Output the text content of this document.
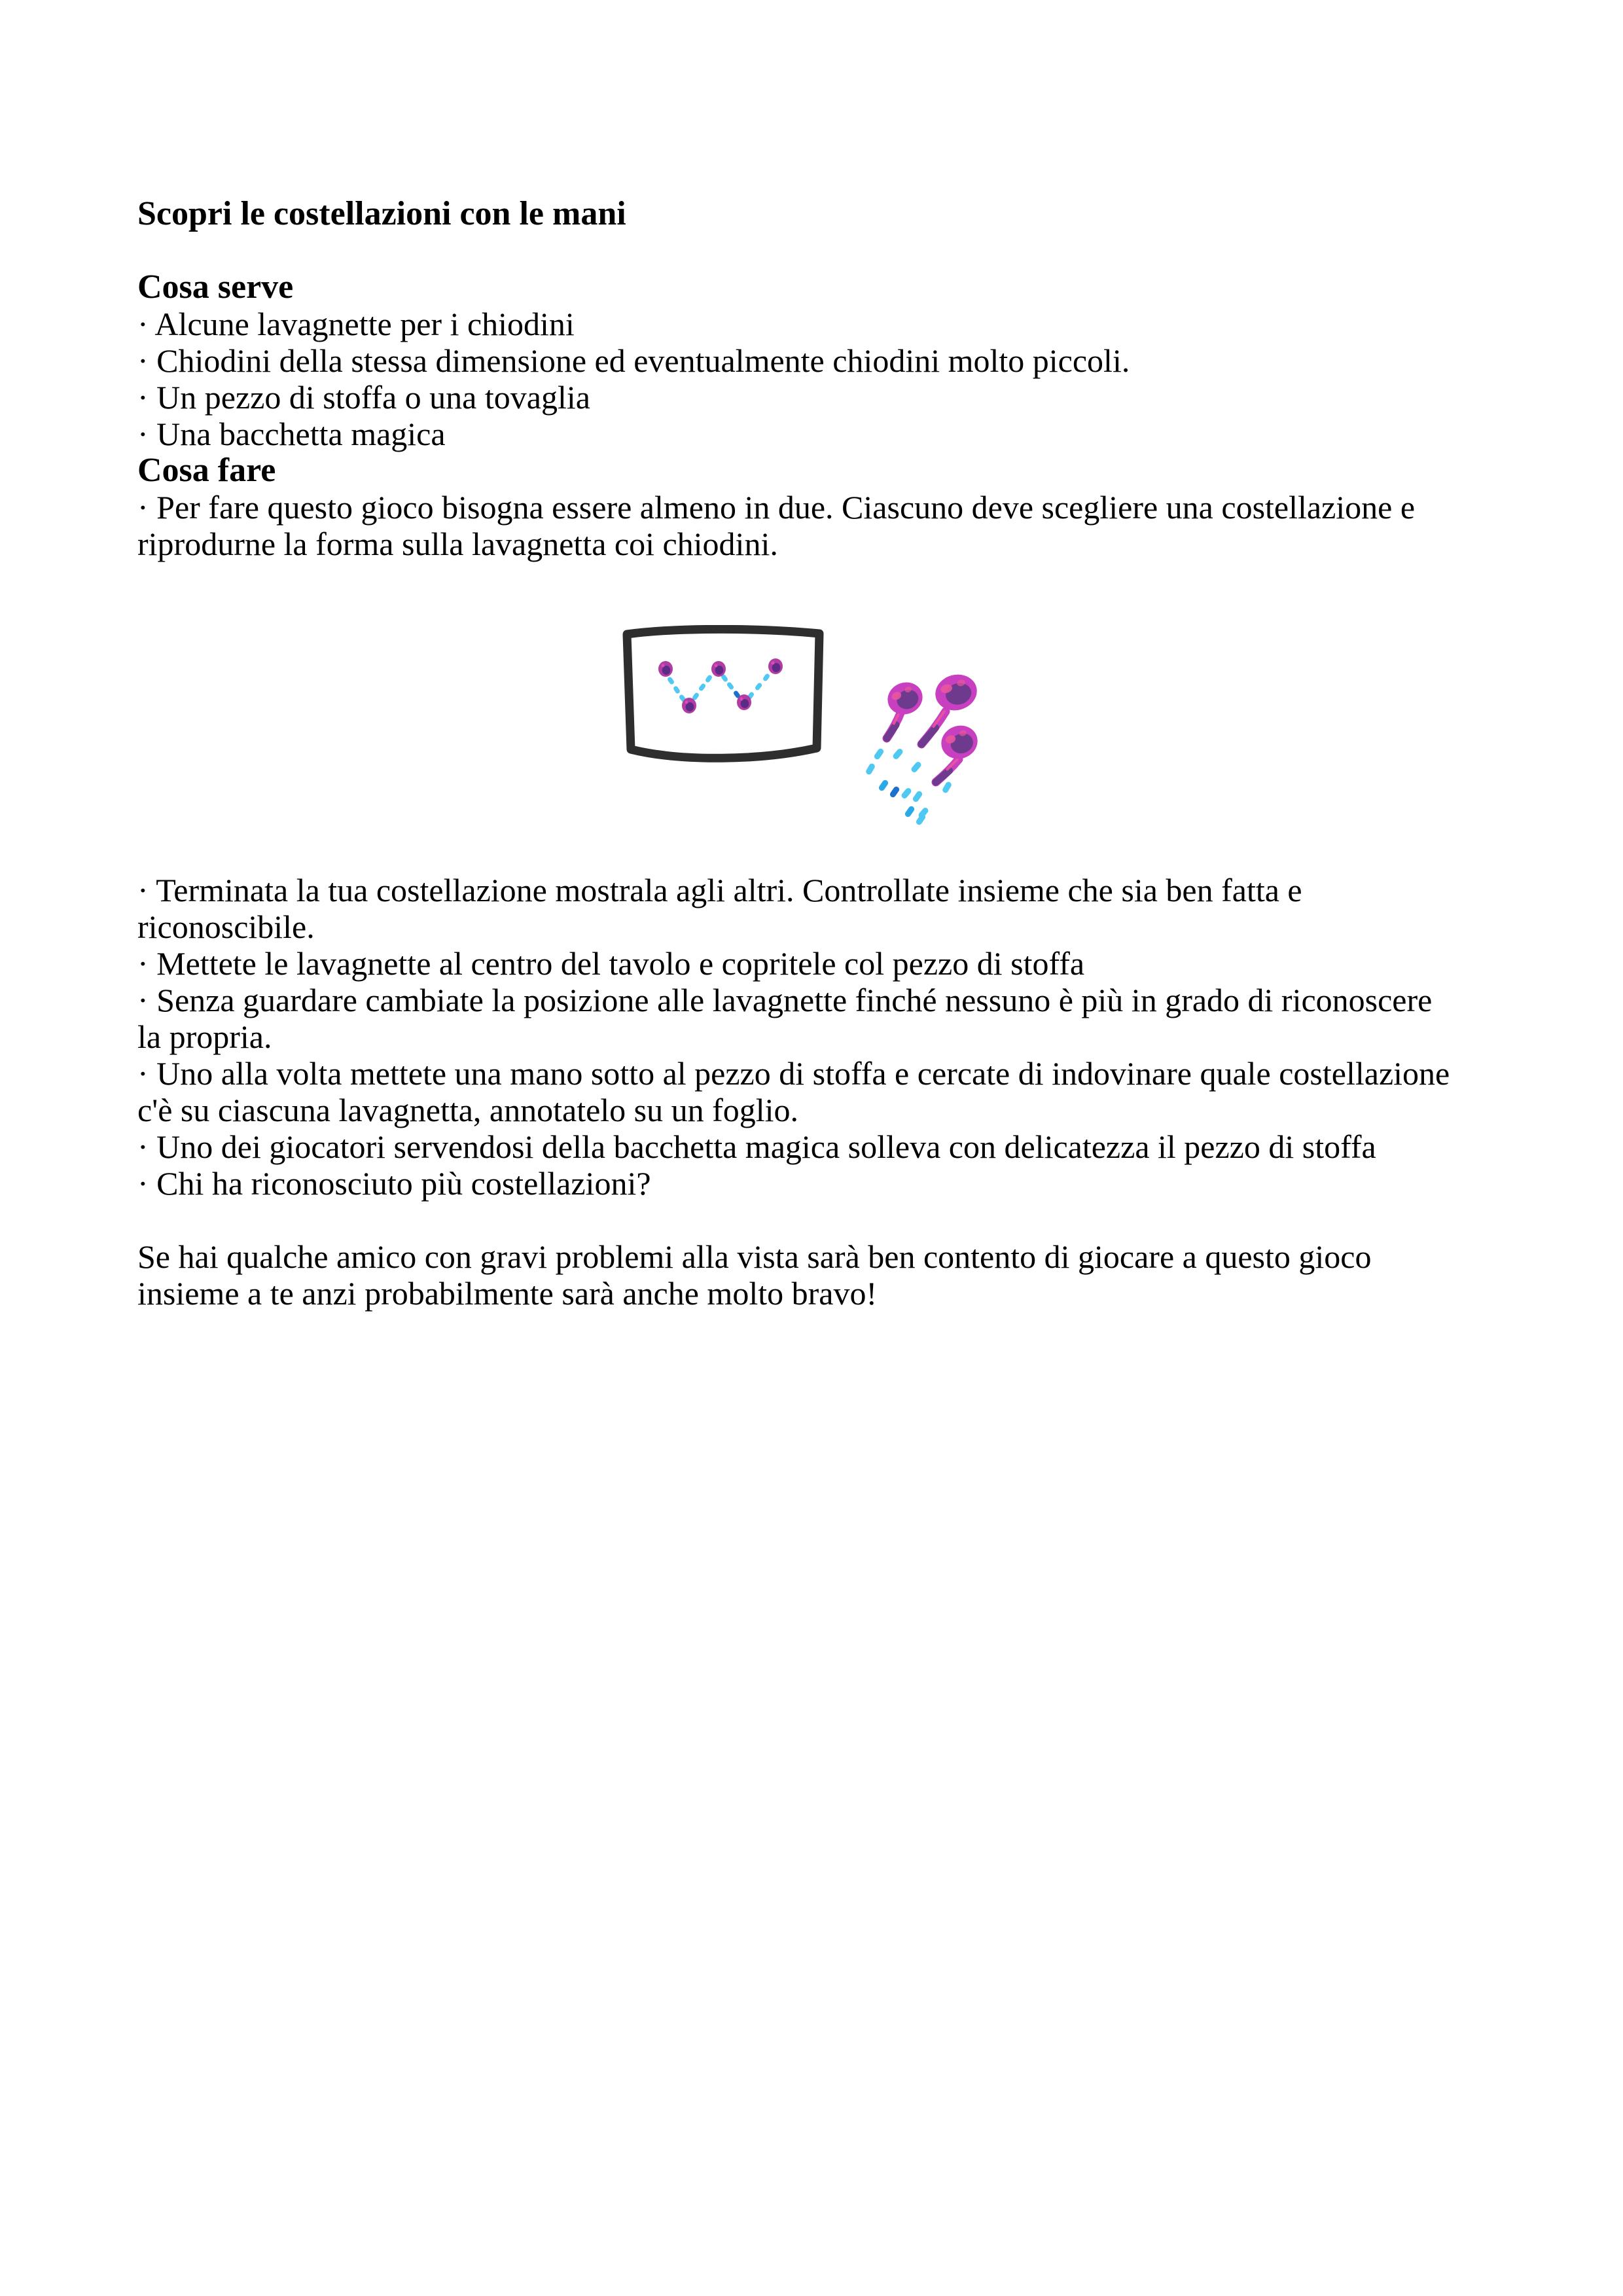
Scopri le costellazioni con le mani

Cosa serve
· Alcune lavagnette per i chiodini
· Chiodini della stessa dimensione ed eventualmente chiodini molto piccoli.
· Un pezzo di stoffa o una tovaglia
· Una bacchetta magica
Cosa fare
· Per fare questo gioco bisogna essere almeno in due. Ciascuno deve scegliere una costellazione e
riprodurne la forma sulla lavagnetta coi chiodini.
· Terminata la tua costellazione mostrala agli altri. Controllate insieme che sia ben fatta e
riconoscibile.
· Mettete le lavagnette al centro del tavolo e copritele col pezzo di stoffa
· Senza guardare cambiate la posizione alle lavagnette finché nessuno è più in grado di riconoscere
la propria.
· Uno alla volta mettete una mano sotto al pezzo di stoffa e cercate di indovinare quale costellazione
c'è su ciascuna lavagnetta, annotatelo su un foglio.
· Uno dei giocatori servendosi della bacchetta magica solleva con delicatezza il pezzo di stoffa
· Chi ha riconosciuto più costellazioni?

Se hai qualche amico con gravi problemi alla vista sarà ben contento di giocare a questo gioco
insieme a te anzi probabilmente sarà anche molto bravo!
